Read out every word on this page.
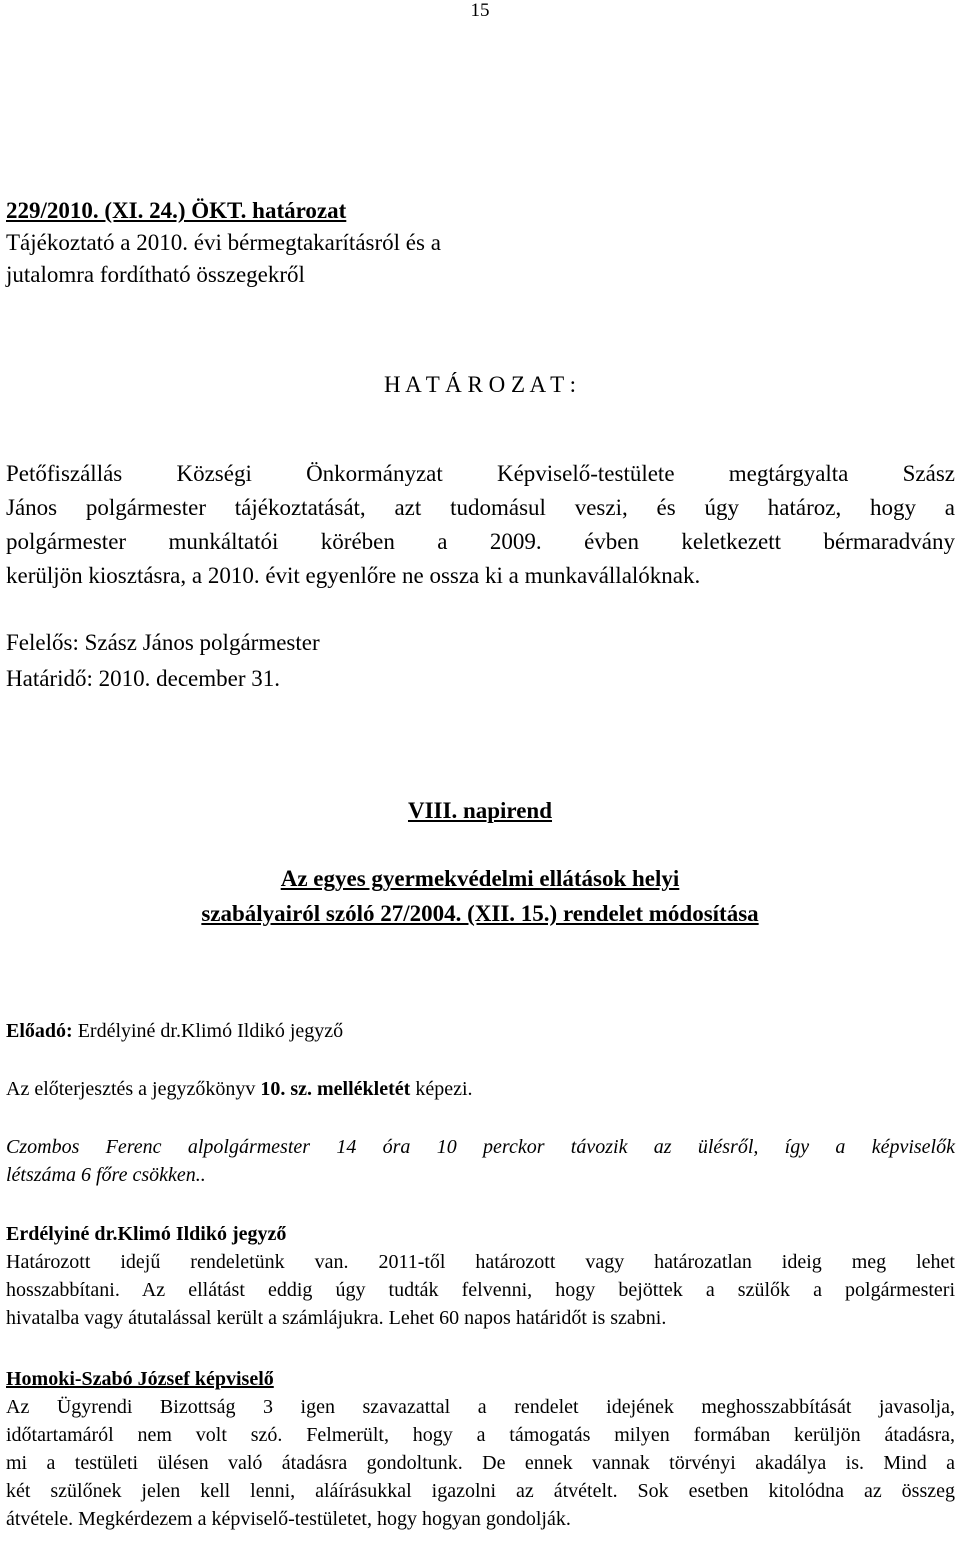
15
229/2010. (XI. 24.) ÖKT. határozat
Tájékoztató a 2010. évi bérmegtakarításról és a
jutalomra fordítható összegekről
H A T Á R O Z A T :
Petőfiszállás Községi Önkormányzat Képviselő-testülete megtárgyalta Szász
János polgármester tájékoztatását, azt tudomásul veszi, és úgy határoz, hogy a
polgármester munkáltatói körében a 2009. évben keletkezett bérmaradvány
kerüljön kiosztásra, a 2010. évit egyenlőre ne ossza ki a munkavállalóknak.
Felelős: Szász János polgármester
Határidő: 2010. december 31.
VIII. napirend
Az egyes gyermekvédelmi ellátások helyi
szabályairól szóló 27/2004. (XII. 15.) rendelet módosítása
Előadó: Erdélyiné dr.Klimó Ildikó jegyző
Az előterjesztés a jegyzőkönyv 10. sz. mellékletét képezi.
Czombos Ferenc alpolgármester 14 óra 10 perckor távozik az ülésről, így a képviselők
létszáma 6 főre csökken..
Erdélyiné dr.Klimó Ildikó jegyző
Határozott idejű rendeletünk van. 2011-től határozott vagy határozatlan ideig meg lehet
hosszabbítani. Az ellátást eddig úgy tudták felvenni, hogy bejöttek a szülők a polgármesteri
hivatalba vagy átutalással került a számlájukra. Lehet 60 napos határidőt is szabni.
Homoki-Szabó József képviselő
Az Ügyrendi Bizottság 3 igen szavazattal a rendelet idejének meghosszabbítását javasolja,
időtartamáról nem volt szó. Felmerült, hogy a támogatás milyen formában kerüljön átadásra,
mi a testületi ülésen való átadásra gondoltunk. De ennek vannak törvényi akadálya is. Mind a
két szülőnek jelen kell lenni, aláírásukkal igazolni az átvételt. Sok esetben kitolódna az összeg
átvétele. Megkérdezem a képviselő-testületet, hogy hogyan gondolják.
